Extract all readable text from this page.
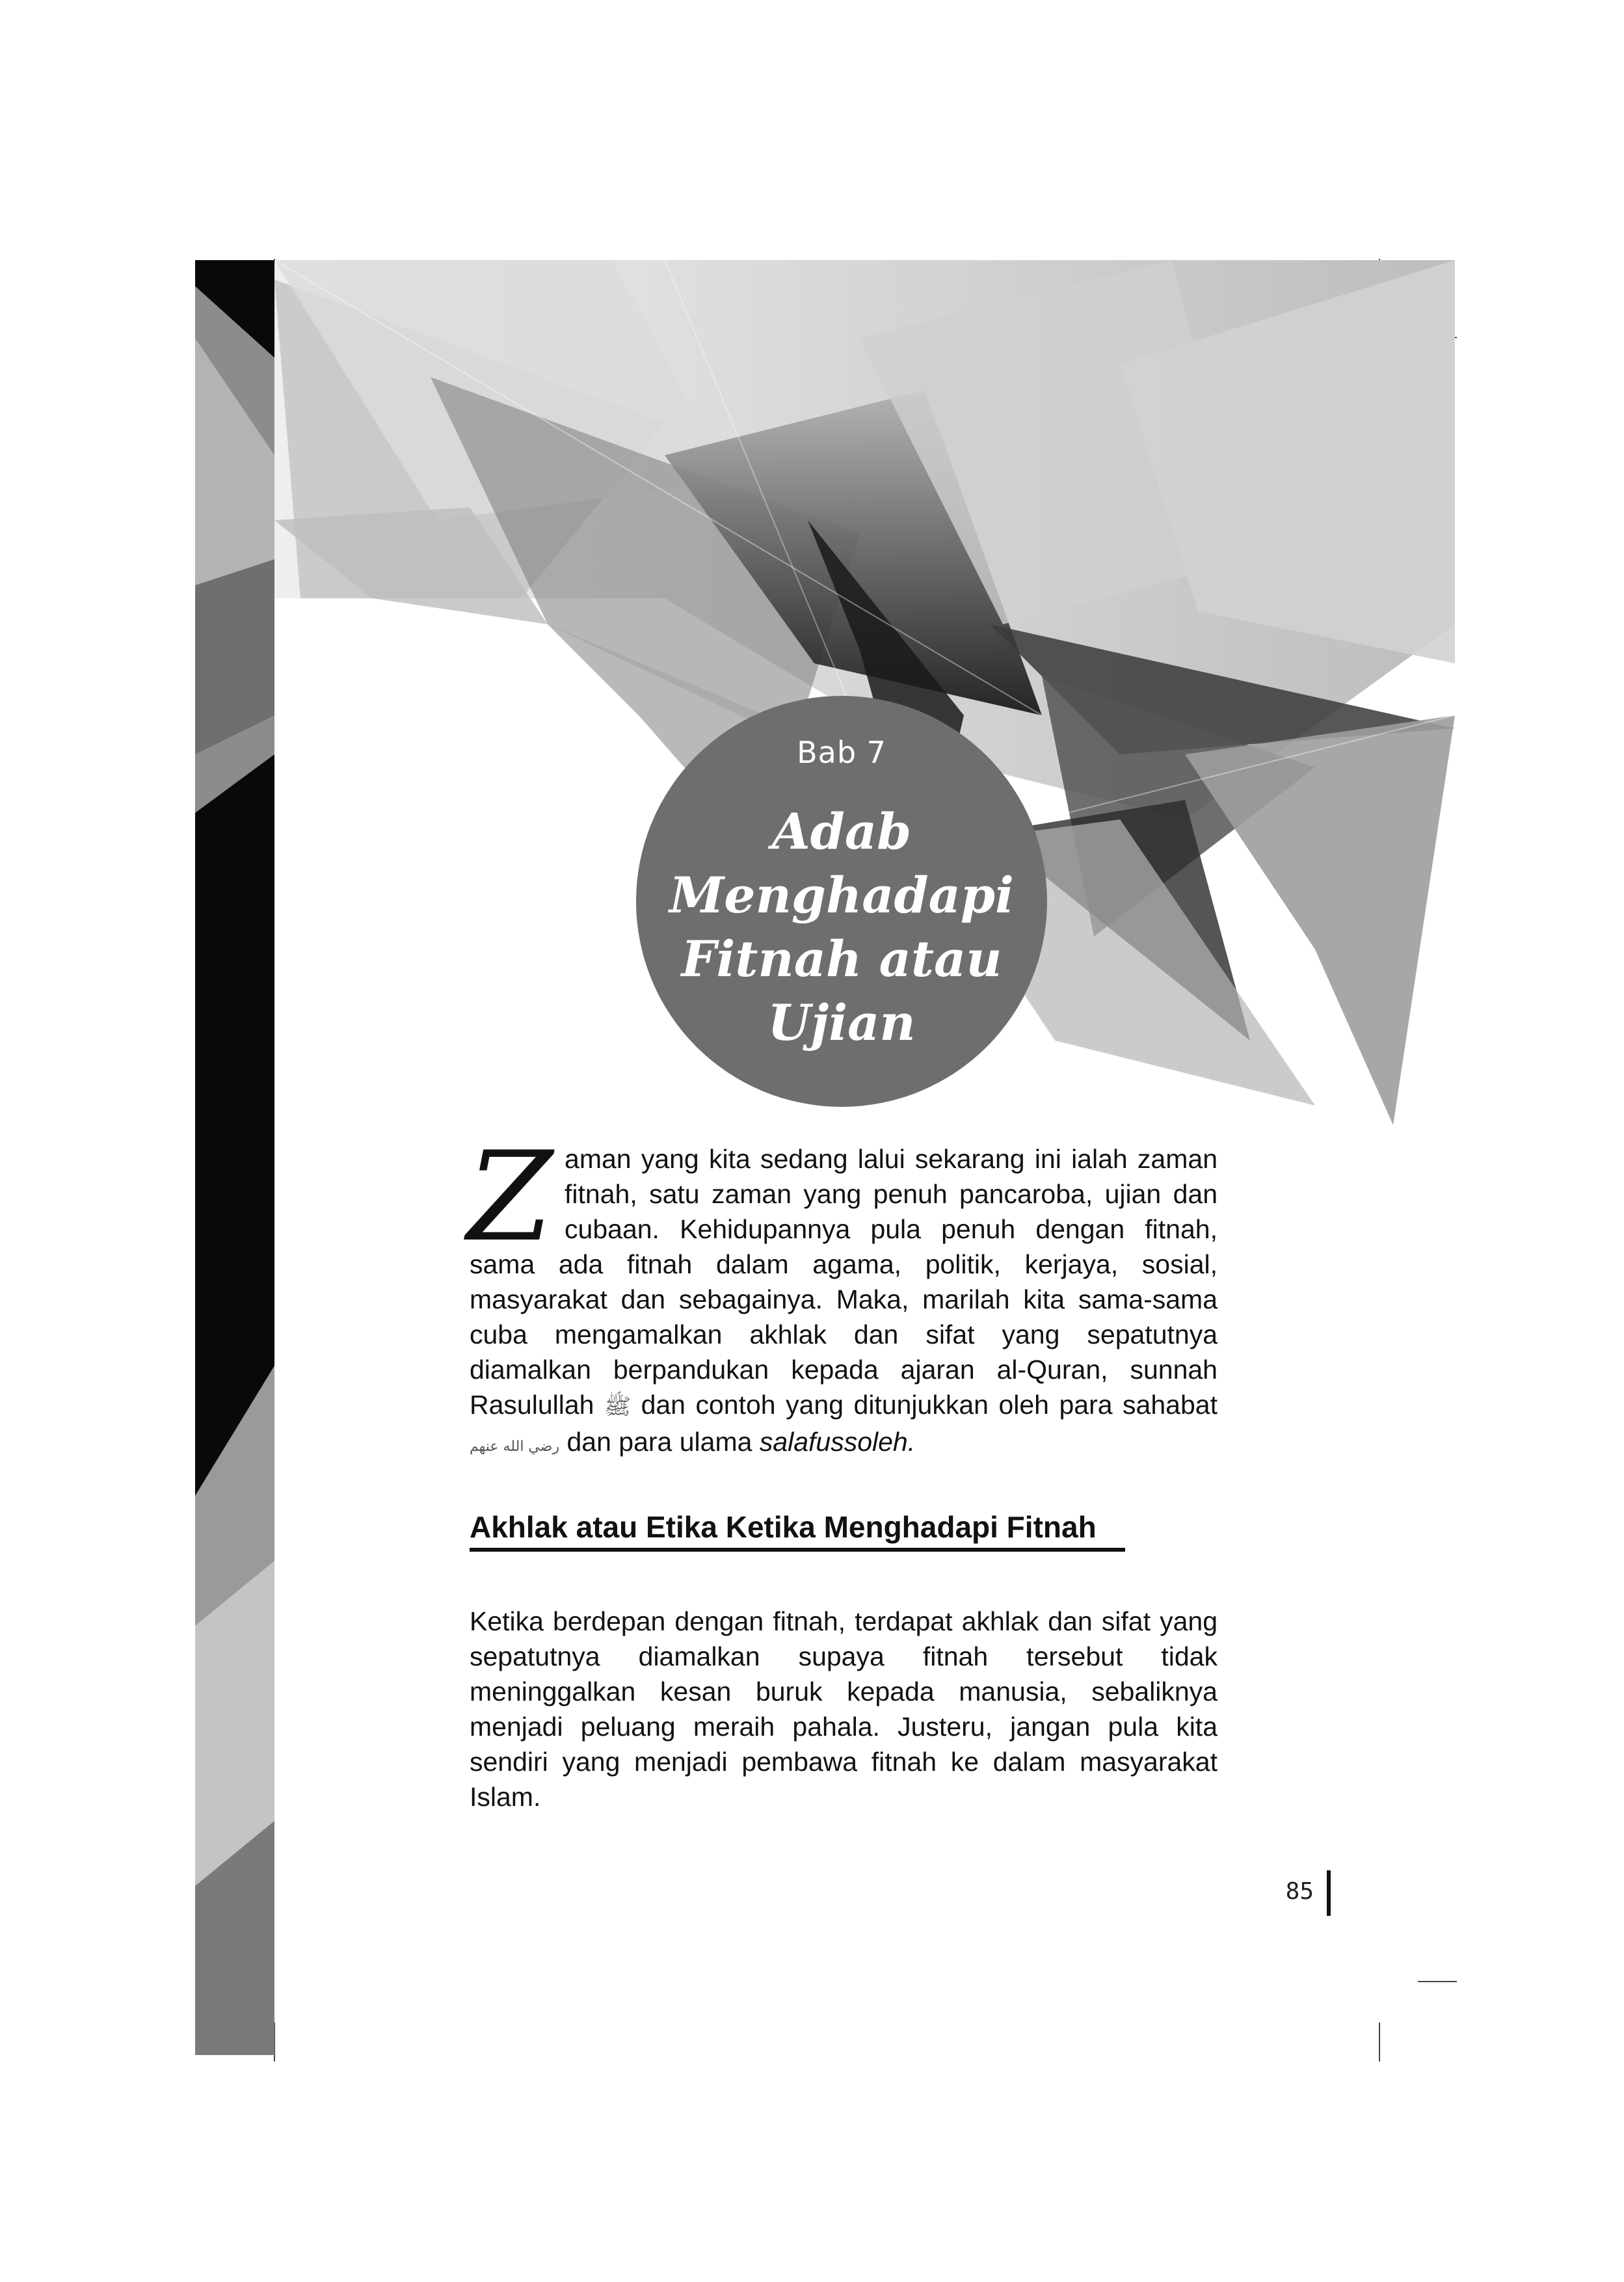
Bab 7
Adab
Menghadapi
Fitnah atau
Ujian

Zaman yang kita sedang lalui sekarang ini ialah zaman fitnah, satu zaman yang penuh pancaroba, ujian dan cubaan. Kehidupannya pula penuh dengan fitnah, sama ada fitnah dalam agama, politik, kerjaya, sosial, masyarakat dan sebagainya. Maka, marilah kita sama-sama cuba mengamalkan akhlak dan sifat yang sepatutnya diamalkan berpandukan kepada ajaran al-Quran, sunnah Rasulullah ﷺ dan contoh yang ditunjukkan oleh para sahabat رضي الله عنهم dan para ulama salafussoleh.

Akhlak atau Etika Ketika Menghadapi Fitnah

Ketika berdepan dengan fitnah, terdapat akhlak dan sifat yang sepatutnya diamalkan supaya fitnah tersebut tidak meninggalkan kesan buruk kepada manusia, sebaliknya menjadi peluang meraih pahala. Justeru, jangan pula kita sendiri yang menjadi pembawa fitnah ke dalam masyarakat Islam.

85
